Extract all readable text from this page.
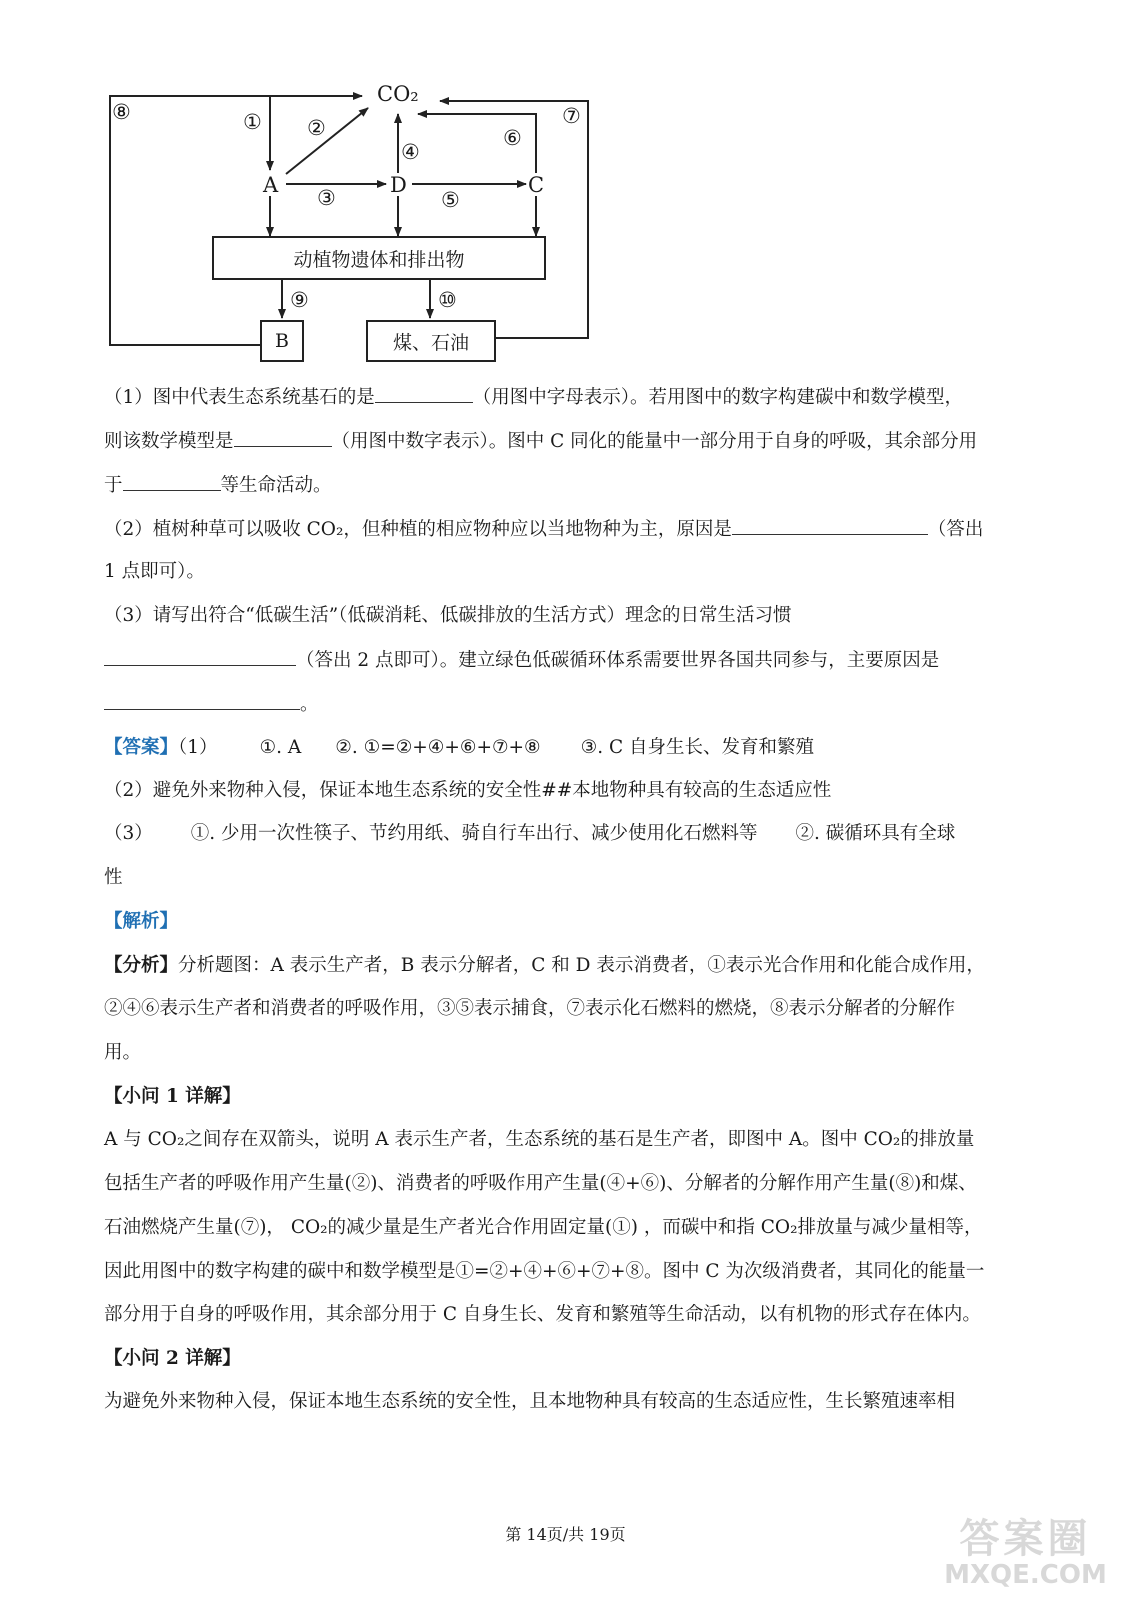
CO₂
A	D	C
⑧	① ②
④
⑥
⑦
③	⑤
⑨	⑩
动植物遗体和排出物
B	煤、石油
（1）图中代表生态系统基石的是	（用图中字母表示）。若用图中的数字构建碳中和数学模型，
则该数学模型是	（用图中数字表示）。图中 C 同化的能量中一部分用于自身的呼吸，其余部分用
于	等生命活动。
（2）植树种草可以吸收 CO₂，但种植的相应物种应以当地物种为主，原因是	（答出
1 点即可）。
（3）请写出符合“低碳生活”（低碳消耗、低碳排放的生活方式）理念的日常生活习惯
（答出 2 点即可）。建立绿色低碳循环体系需要世界各国共同参与，主要原因是
。
【答案】（1） ①. A ②. ①=②+④+⑥+⑦+⑧ ③. C 自身生长、发育和繁殖
（2）避免外来物种入侵，保证本地生态系统的安全性##本地物种具有较高的生态适应性
（3） ①. 少用一次性筷子、节约用纸、骑自行车出行、减少使用化石燃料等 ②. 碳循环具有全球
性
【解析】
【分析】分析题图：A 表示生产者，B 表示分解者，C 和 D 表示消费者，①表示光合作用和化能合成作用，
②④⑥表示生产者和消费者的呼吸作用，③⑤表示捕食，⑦表示化石燃料的燃烧，⑧表示分解者的分解作
用。
【小问 1 详解】
A 与 CO₂之间存在双箭头，说明 A 表示生产者，生态系统的基石是生产者，即图中 A。图中 CO₂的排放量
包括生产者的呼吸作用产生量(②)、消费者的呼吸作用产生量(④+⑥)、分解者的分解作用产生量(⑧)和煤、
石油燃烧产生量(⑦)， CO₂的减少量是生产者光合作用固定量(①) ，而碳中和指 CO₂排放量与减少量相等，
因此用图中的数字构建的碳中和数学模型是①=②+④+⑥+⑦+⑧。图中 C 为次级消费者，其同化的能量一
部分用于自身的呼吸作用，其余部分用于 C 自身生长、发育和繁殖等生命活动，以有机物的形式存在体内。
【小问 2 详解】
为避免外来物种入侵，保证本地生态系统的安全性，且本地物种具有较高的生态适应性，生长繁殖速率相
第 14页/共 19页	答案圈
MXQE.COM
